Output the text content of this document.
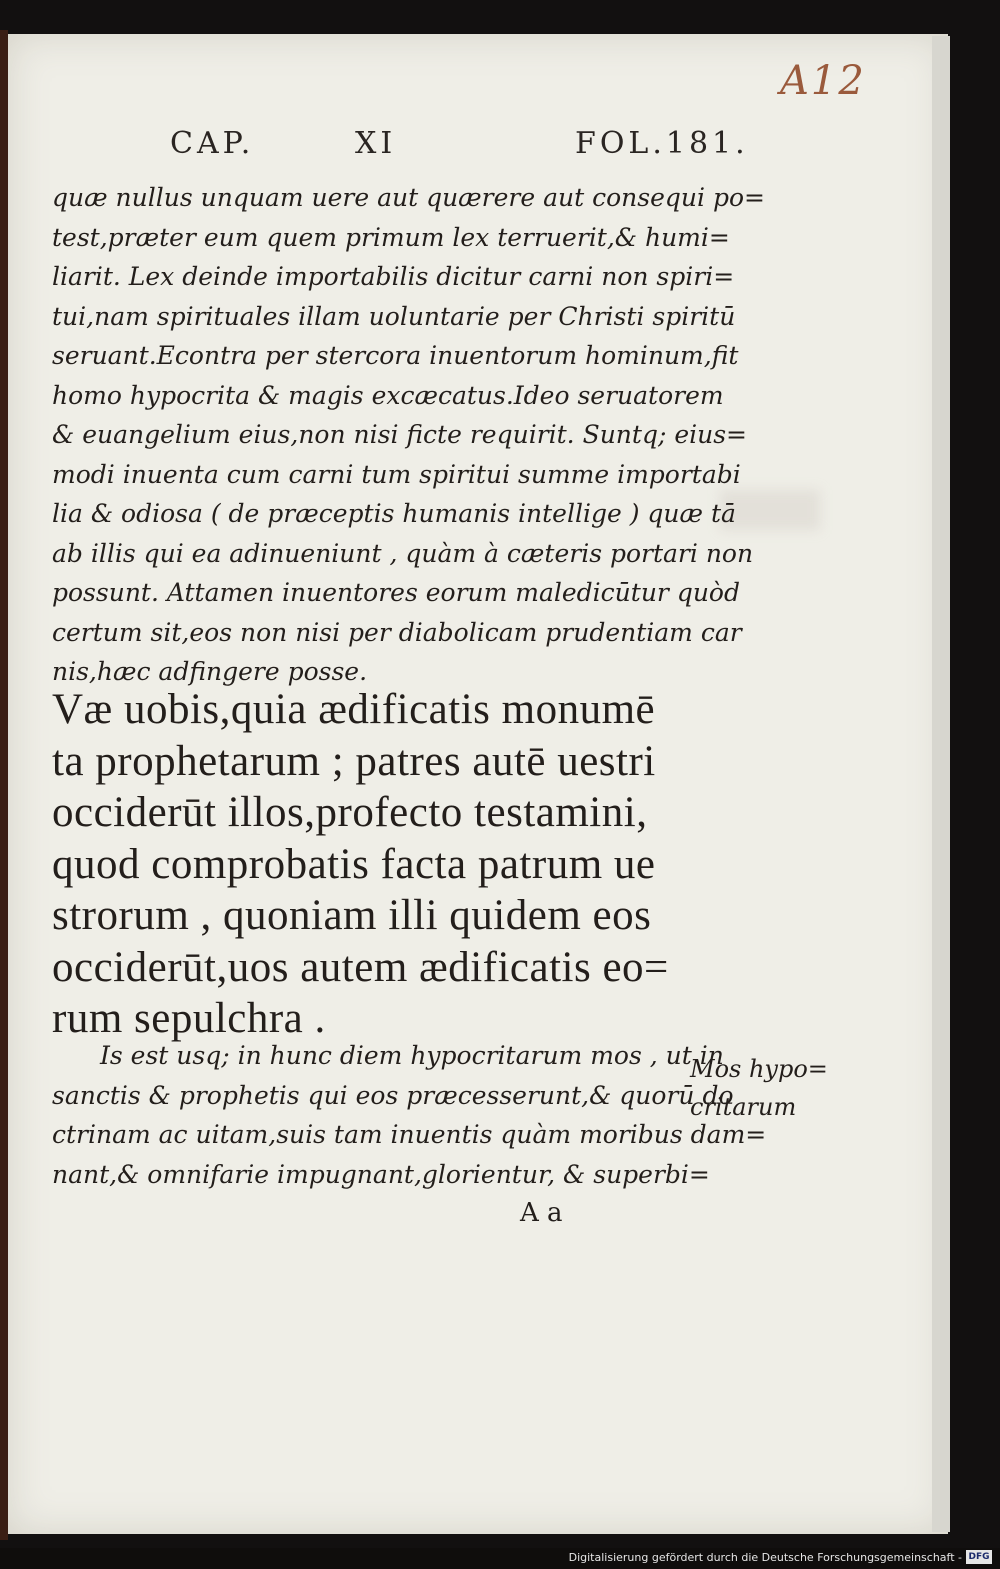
A12
CAP.	XI	FOL.181.
quæ nullus unquam uere aut quærere aut consequi po=
test,præter eum quem primum lex terruerit,& humi=
liarit. Lex deinde importabilis dicitur carni non spiri=
tui,nam spirituales illam uoluntarie per Christi spiritū
seruant.Econtra per stercora inuentorum hominum,fit
homo hypocrita & magis excæcatus.Ideo seruatorem
& euangelium eius,non nisi ficte requirit. Suntq; eius=
modi inuenta cum carni tum spiritui summe importabi
lia & odiosa ( de præceptis humanis intellige ) quæ tā
ab illis qui ea adinueniunt , quàm à cæteris portari non
possunt. Attamen inuentores eorum maledicūtur quòd
certum sit,eos non nisi per diabolicam prudentiam car
nis,hæc adfingere posse.
Væ uobis,quia ædificatis monumē
ta prophetarum ; patres autē uestri
occiderūt illos,profecto testamini,
quod comprobatis facta patrum ue
strorum , quoniam illi quidem eos
occiderūt,uos autem ædificatis eo=
rum sepulchra .
Is est usq; in hunc diem hypocritarum mos , ut in
sanctis & prophetis qui eos præcesserunt,& quorū do
ctrinam ac uitam,suis tam inuentis quàm moribus dam=
nant,& omnifarie impugnant,glorientur, & superbi=
Mos hypo=
critarum
A a
Digitalisierung gefördert durch die Deutsche Forschungsgemeinschaft - DFG
